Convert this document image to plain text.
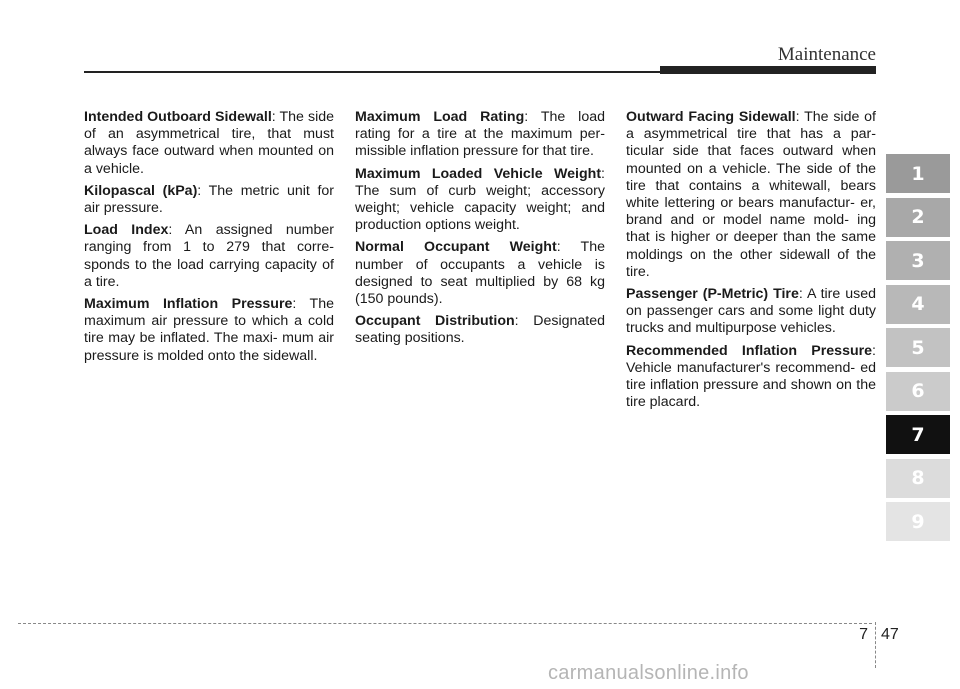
Maintenance

Intended Outboard Sidewall: The side of an asymmetrical tire, that must always face outward when mounted on a vehicle.

Kilopascal (kPa): The metric unit for air pressure.

Load Index: An assigned number ranging from 1 to 279 that corre- sponds to the load carrying capacity of a tire.

Maximum Inflation Pressure: The maximum air pressure to which a cold tire may be inflated. The maxi- mum air pressure is molded onto the sidewall.

Maximum Load Rating: The load rating for a tire at the maximum per- missible inflation pressure for that tire.

Maximum Loaded Vehicle Weight: The sum of curb weight; accessory weight; vehicle capacity weight; and production options weight.

Normal Occupant Weight: The number of occupants a vehicle is designed to seat multiplied by 68 kg (150 pounds).

Occupant Distribution: Designated seating positions.

Outward Facing Sidewall: The side of a asymmetrical tire that has a par- ticular side that faces outward when mounted on a vehicle. The side of the tire that contains a whitewall, bears white lettering or bears manufactur- er, brand and or model name mold- ing that is higher or deeper than the same moldings on the other sidewall of the tire.

Passenger (P-Metric) Tire: A tire used on passenger cars and some light duty trucks and multipurpose vehicles.

Recommended Inflation Pressure: Vehicle manufacturer's recommend- ed tire inflation pressure and shown on the tire placard.

1
2
3
4
5
6
7
8
9
7 47
carmanualsonline.info
